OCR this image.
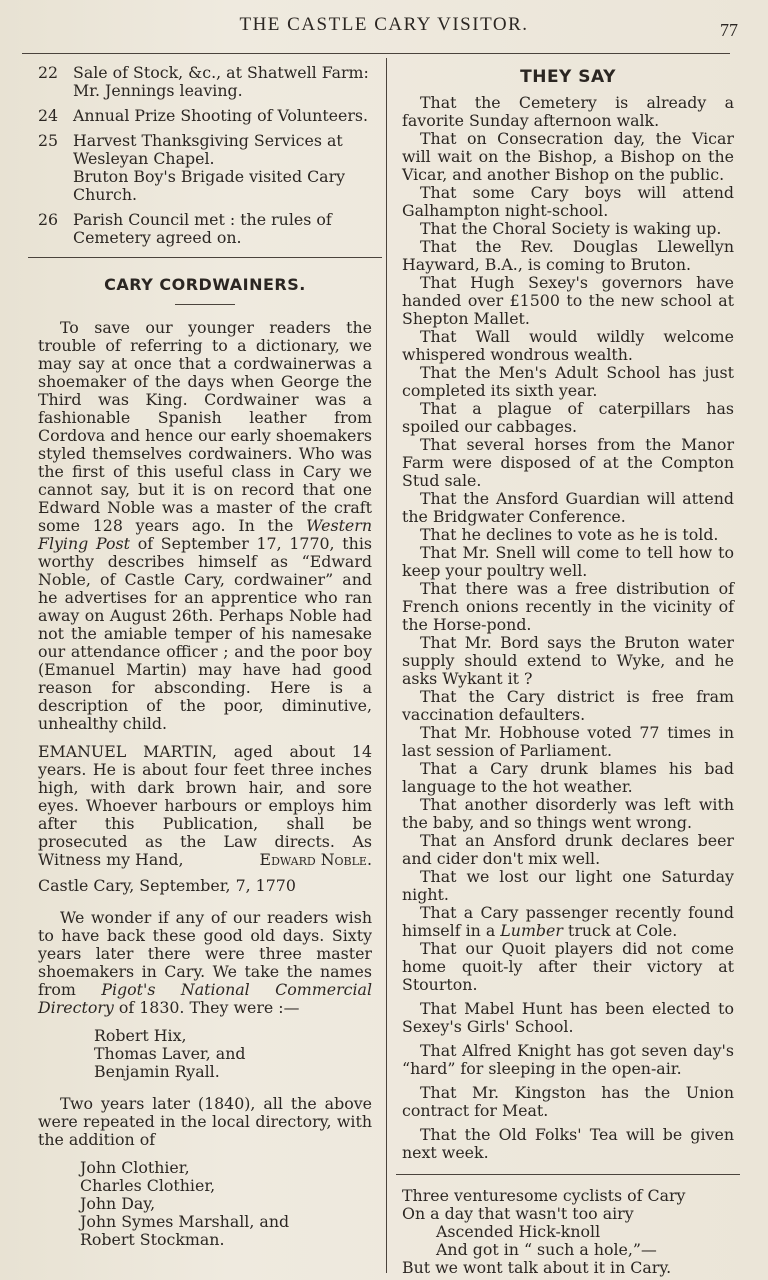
THE CASTLE CARY VISITOR.	77
22 Sale of Stock, &c., at Shatwell Farm:
Mr. Jennings leaving.
24 Annual Prize Shooting of Volunteers.
25 Harvest Thanksgiving Services at
Wesleyan Chapel.
Bruton Boy's Brigade visited Cary
Church.
26 Parish Council met : the rules of
Cemetery agreed on.
CARY CORDWAINERS.

To save our younger readers the trouble of referring to a dictionary, we may say at once that a cordwainerwas a shoemaker of the days when George the Third was King. Cordwainer was a fashionable Spanish leather from Cordova and hence our early shoemakers styled themselves cordwainers. Who was the first of this useful class in Cary we cannot say, but it is on record that one Edward Noble was a master of the craft some 128 years ago. In the Western Flying Post of September 17, 1770, this worthy describes himself as “Edward Noble, of Castle Cary, cordwainer” and he advertises for an apprentice who ran away on August 26th. Perhaps Noble had not the amiable temper of his namesake our attendance officer ; and the poor boy (Emanuel Martin) may have had good reason for absconding. Here is a description of the poor, diminutive, unhealthy child.

EMANUEL MARTIN, aged about 14 years. He is about four feet three inches high, with dark brown hair, and sore eyes. Whoever harbours or employs him after this Publication, shall be prosecuted as the Law directs. As Witness my Hand,	Edward Noble.

Castle Cary, September, 7, 1770

We wonder if any of our readers wish to have back these good old days. Sixty years later there were three master shoemakers in Cary. We take the names from Pigot's National Commercial Directory of 1830. They were :—

Robert Hix,
Thomas Laver, and
Benjamin Ryall.

Two years later (1840), all the above were repeated in the local directory, with the addition of

John Clothier,
Charles Clothier,
John Day,
John Symes Marshall, and
Robert Stockman.
THEY SAY

That the Cemetery is already a favorite Sunday afternoon walk.

That on Consecration day, the Vicar will wait on the Bishop, a Bishop on the Vicar, and another Bishop on the public.

That some Cary boys will attend Galhampton night-school.

That the Choral Society is waking up.

That the Rev. Douglas Llewellyn Hayward, B.A., is coming to Bruton.

That Hugh Sexey's governors have handed over £1500 to the new school at Shepton Mallet.

That Wall would wildly welcome whispered wondrous wealth.

That the Men's Adult School has just completed its sixth year.

That a plague of caterpillars has spoiled our cabbages.

That several horses from the Manor Farm were disposed of at the Compton Stud sale.

That the Ansford Guardian will attend the Bridgwater Conference.

That he declines to vote as he is told.

That Mr. Snell will come to tell how to keep your poultry well.

That there was a free distribution of French onions recently in the vicinity of the Horse-pond.

That Mr. Bord says the Bruton water supply should extend to Wyke, and he asks Wykant it ?

That the Cary district is free fram vaccination defaulters.

That Mr. Hobhouse voted 77 times in last session of Parliament.

That a Cary drunk blames his bad language to the hot weather.

That another disorderly was left with the baby, and so things went wrong.

That an Ansford drunk declares beer and cider don't mix well.

That we lost our light one Saturday night.

That a Cary passenger recently found himself in a Lumber truck at Cole.

That our Quoit players did not come home quoit-ly after their victory at Stourton.

That Mabel Hunt has been elected to Sexey's Girls' School.

That Alfred Knight has got seven day's “hard” for sleeping in the open-air.

That Mr. Kingston has the Union contract for Meat.

That the Old Folks' Tea will be given next week.

Three venturesome cyclists of Cary
On a day that wasn't too airy
Ascended Hick-knoll
And got in “ such a hole,”—
But we wont talk about it in Cary.
